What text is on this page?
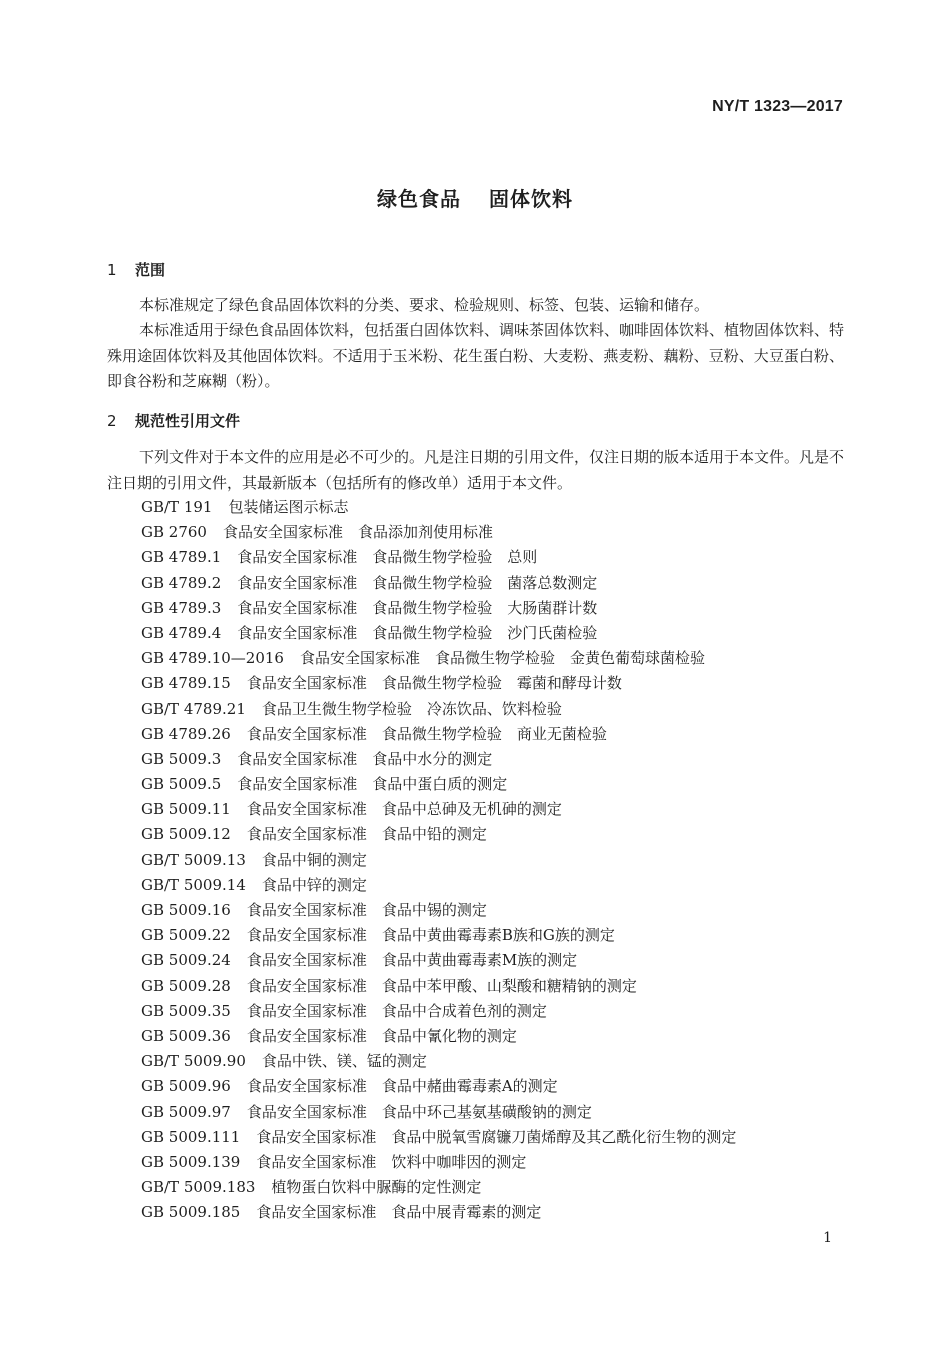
NY/T 1323—2017
绿色食品 固体饮料
1 范围
本标准规定了绿色食品固体饮料的分类、要求、检验规则、标签、包装、运输和储存。
本标准适用于绿色食品固体饮料，包括蛋白固体饮料、调味茶固体饮料、咖啡固体饮料、植物固体饮料、特殊用途固体饮料及其他固体饮料。不适用于玉米粉、花生蛋白粉、大麦粉、燕麦粉、藕粉、豆粉、大豆蛋白粉、即食谷粉和芝麻糊（粉）。
2 规范性引用文件
下列文件对于本文件的应用是必不可少的。凡是注日期的引用文件，仅注日期的版本适用于本文件。凡是不注日期的引用文件，其最新版本（包括所有的修改单）适用于本文件。
GB/T 191 包装储运图示标志
GB 2760 食品安全国家标准　食品添加剂使用标准
GB 4789.1 食品安全国家标准　食品微生物学检验　总则
GB 4789.2 食品安全国家标准　食品微生物学检验　菌落总数测定
GB 4789.3 食品安全国家标准　食品微生物学检验　大肠菌群计数
GB 4789.4 食品安全国家标准　食品微生物学检验　沙门氏菌检验
GB 4789.10—2016 食品安全国家标准　食品微生物学检验　金黄色葡萄球菌检验
GB 4789.15 食品安全国家标准　食品微生物学检验　霉菌和酵母计数
GB/T 4789.21 食品卫生微生物学检验　冷冻饮品、饮料检验
GB 4789.26 食品安全国家标准　食品微生物学检验　商业无菌检验
GB 5009.3 食品安全国家标准　食品中水分的测定
GB 5009.5 食品安全国家标准　食品中蛋白质的测定
GB 5009.11 食品安全国家标准　食品中总砷及无机砷的测定
GB 5009.12 食品安全国家标准　食品中铅的测定
GB/T 5009.13 食品中铜的测定
GB/T 5009.14 食品中锌的测定
GB 5009.16 食品安全国家标准　食品中锡的测定
GB 5009.22 食品安全国家标准　食品中黄曲霉毒素B族和G族的测定
GB 5009.24 食品安全国家标准　食品中黄曲霉毒素M族的测定
GB 5009.28 食品安全国家标准　食品中苯甲酸、山梨酸和糖精钠的测定
GB 5009.35 食品安全国家标准　食品中合成着色剂的测定
GB 5009.36 食品安全国家标准　食品中氰化物的测定
GB/T 5009.90 食品中铁、镁、锰的测定
GB 5009.96 食品安全国家标准　食品中赭曲霉毒素A的测定
GB 5009.97 食品安全国家标准　食品中环己基氨基磺酸钠的测定
GB 5009.111 食品安全国家标准　食品中脱氧雪腐镰刀菌烯醇及其乙酰化衍生物的测定
GB 5009.139 食品安全国家标准　饮料中咖啡因的测定
GB/T 5009.183 植物蛋白饮料中脲酶的定性测定
GB 5009.185 食品安全国家标准　食品中展青霉素的测定
1
